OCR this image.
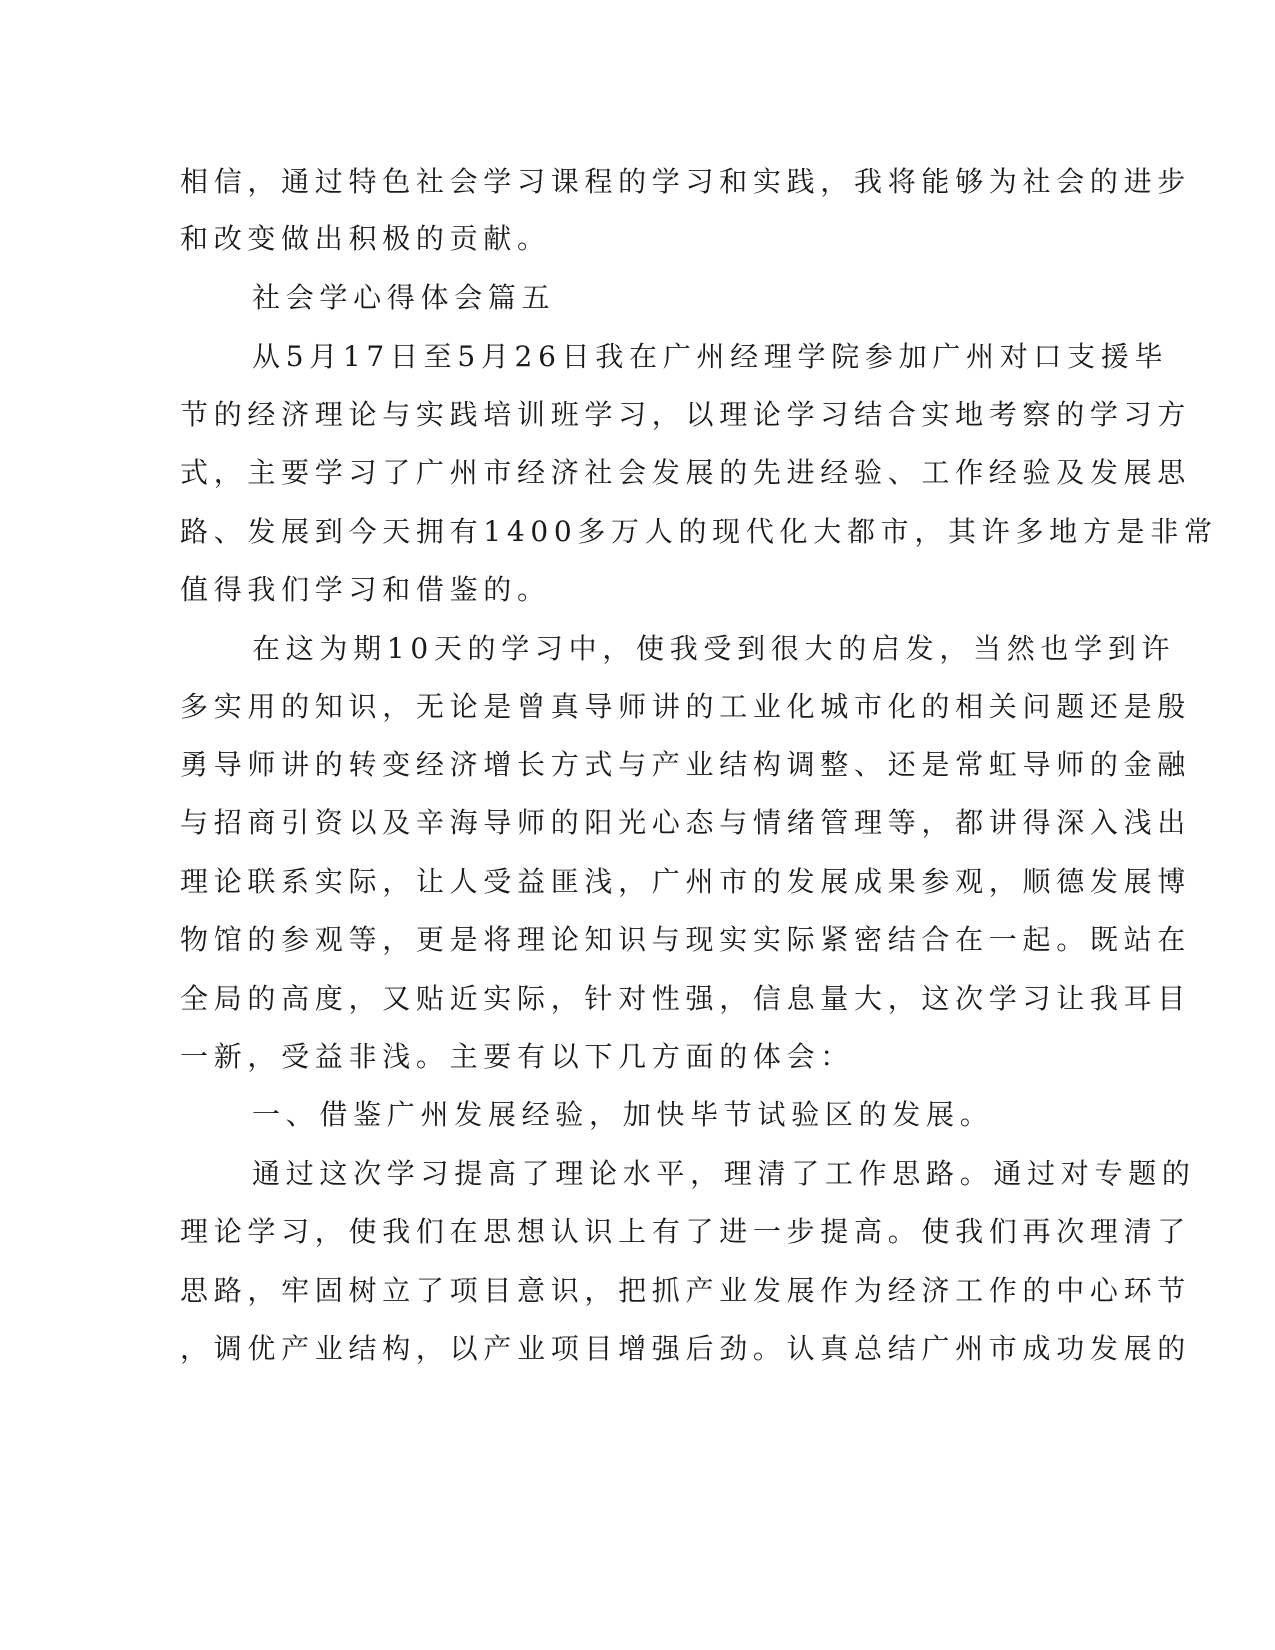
相信，通过特色社会学习课程的学习和实践，我将能够为社会的进步
和改变做出积极的贡献。
社会学心得体会篇五
从5月17日至5月26日我在广州经理学院参加广州对口支援毕
节的经济理论与实践培训班学习，以理论学习结合实地考察的学习方
式，主要学习了广州市经济社会发展的先进经验、工作经验及发展思
路、发展到今天拥有1400多万人的现代化大都市，其许多地方是非常
值得我们学习和借鉴的。
在这为期10天的学习中，使我受到很大的启发，当然也学到许
多实用的知识，无论是曾真导师讲的工业化城市化的相关问题还是殷
勇导师讲的转变经济增长方式与产业结构调整、还是常虹导师的金融
与招商引资以及辛海导师的阳光心态与情绪管理等，都讲得深入浅出
理论联系实际，让人受益匪浅，广州市的发展成果参观，顺德发展博
物馆的参观等，更是将理论知识与现实实际紧密结合在一起。既站在
全局的高度，又贴近实际，针对性强，信息量大，这次学习让我耳目
一新，受益非浅。主要有以下几方面的体会：
一、借鉴广州发展经验，加快毕节试验区的发展。
通过这次学习提高了理论水平，理清了工作思路。通过对专题的
理论学习，使我们在思想认识上有了进一步提高。使我们再次理清了
思路，牢固树立了项目意识，把抓产业发展作为经济工作的中心环节
，调优产业结构，以产业项目增强后劲。认真总结广州市成功发展的
